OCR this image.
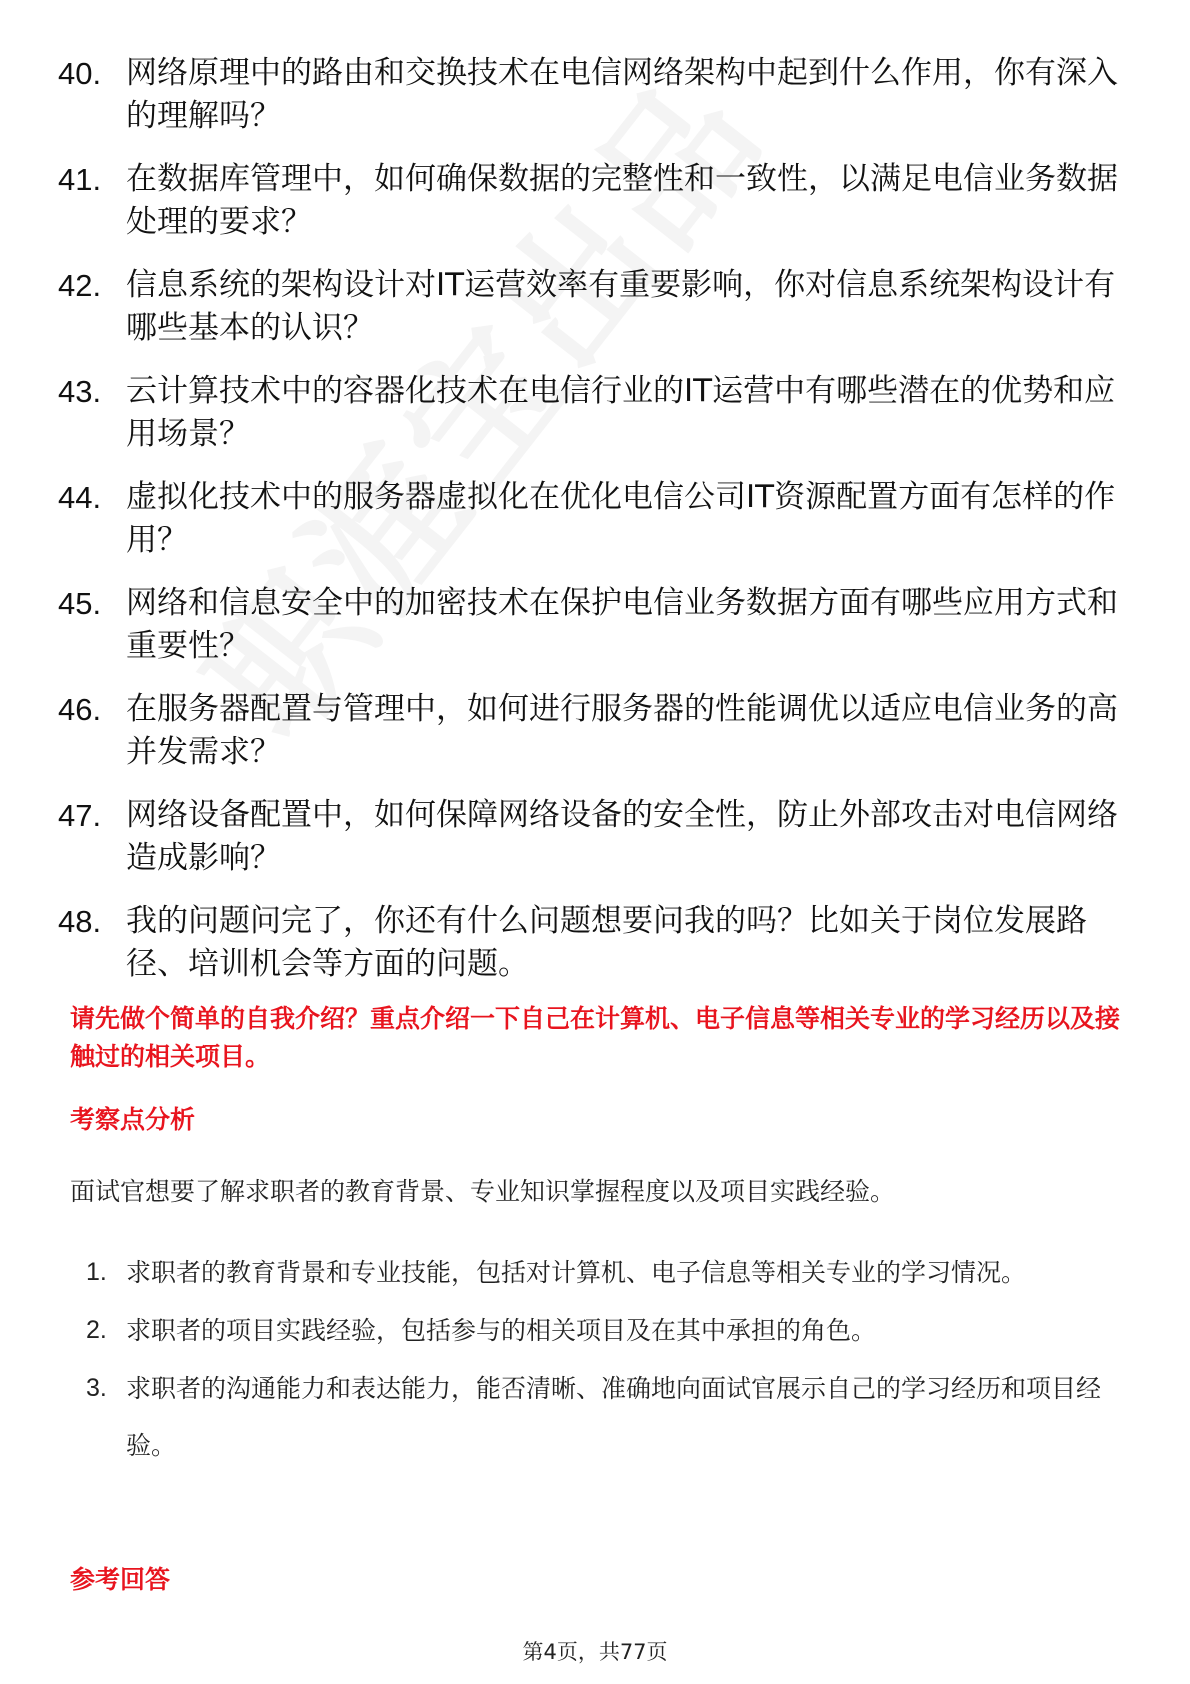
40. 网络原理中的路由和交换技术在电信网络架构中起到什么作用，你有深入的理解吗？
41. 在数据库管理中，如何确保数据的完整性和一致性，以满足电信业务数据处理的要求？
42. 信息系统的架构设计对IT运营效率有重要影响，你对信息系统架构设计有哪些基本的认识？
43. 云计算技术中的容器化技术在电信行业的IT运营中有哪些潜在的优势和应用场景？
44. 虚拟化技术中的服务器虚拟化在优化电信公司IT资源配置方面有怎样的作用？
45. 网络和信息安全中的加密技术在保护电信业务数据方面有哪些应用方式和重要性？
46. 在服务器配置与管理中，如何进行服务器的性能调优以适应电信业务的高并发需求？
47. 网络设备配置中，如何保障网络设备的安全性，防止外部攻击对电信网络造成影响？
48. 我的问题问完了，你还有什么问题想要问我的吗？比如关于岗位发展路径、培训机会等方面的问题。
请先做个简单的自我介绍？重点介绍一下自己在计算机、电子信息等相关专业的学习经历以及接触过的相关项目。
考察点分析
面试官想要了解求职者的教育背景、专业知识掌握程度以及项目实践经验。
1. 求职者的教育背景和专业技能，包括对计算机、电子信息等相关专业的学习情况。
2. 求职者的项目实践经验，包括参与的相关项目及在其中承担的角色。
3. 求职者的沟通能力和表达能力，能否清晰、准确地向面试官展示自己的学习经历和项目经验。
参考回答
第4页，共77页
